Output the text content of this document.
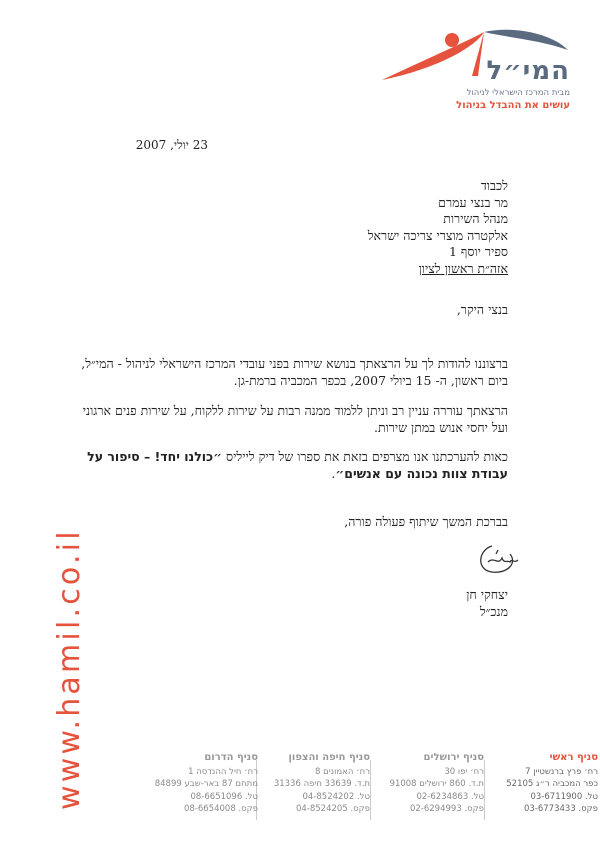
המי״ל
מבית המרכז הישראלי לניהול
עושים את ההבדל בניהול
23 יולי, 2007
לכבוד
מר בנצי עמרם
מנהל השירות
אלקטרה מוצרי צריכה ישראל
ספיר יוסף 1
אזה״ת ראשון לציון
בנצי היקר,
ברצוננו להודות לך על הרצאתך בנושא שירות בפני עובדי המרכז הישראלי לניהול - המי״ל, ביום ראשון, ה- 15 ביולי 2007, בכפר המכביה ברמת-גן.
הרצאתך עוררה עניין רב וניתן ללמוד ממנה רבות על שירות ללקוח, על שירות פנים ארגוני ועל יחסי אנוש במתן שירות.
כאות להערכתנו אנו מצרפים בזאת את ספרו של דיק לייליס ״כולנו יחד! – סיפור על עבודת צוות נכונה עם אנשים״.
בברכת המשך שיתוף פעולה פורה,
יצחקי חן
מנכ״ל
www.hamil.co.il	סניף ראשי
רח׳ פרץ ברנשטיין 7
כפר המכביה ר״ג 52105
טל. 03-6711900
פקס. 03-6773433
סניף ירושלים
רח׳ יפו 30
ת.ד. 860 ירושלים 91008
טל. 02-6234863
פקס. 02-6294993
סניף חיפה והצפון
רח׳ האמונים 8
ת.ד. 33639 חיפה 31336
טל. 04-8524202
פקס. 04-8524205
סניף הדרום
רח׳ חיל ההנדסה 1
מתחם 87 באר-שבע 84899
טל. 08-6651096
פקס. 08-6654008
